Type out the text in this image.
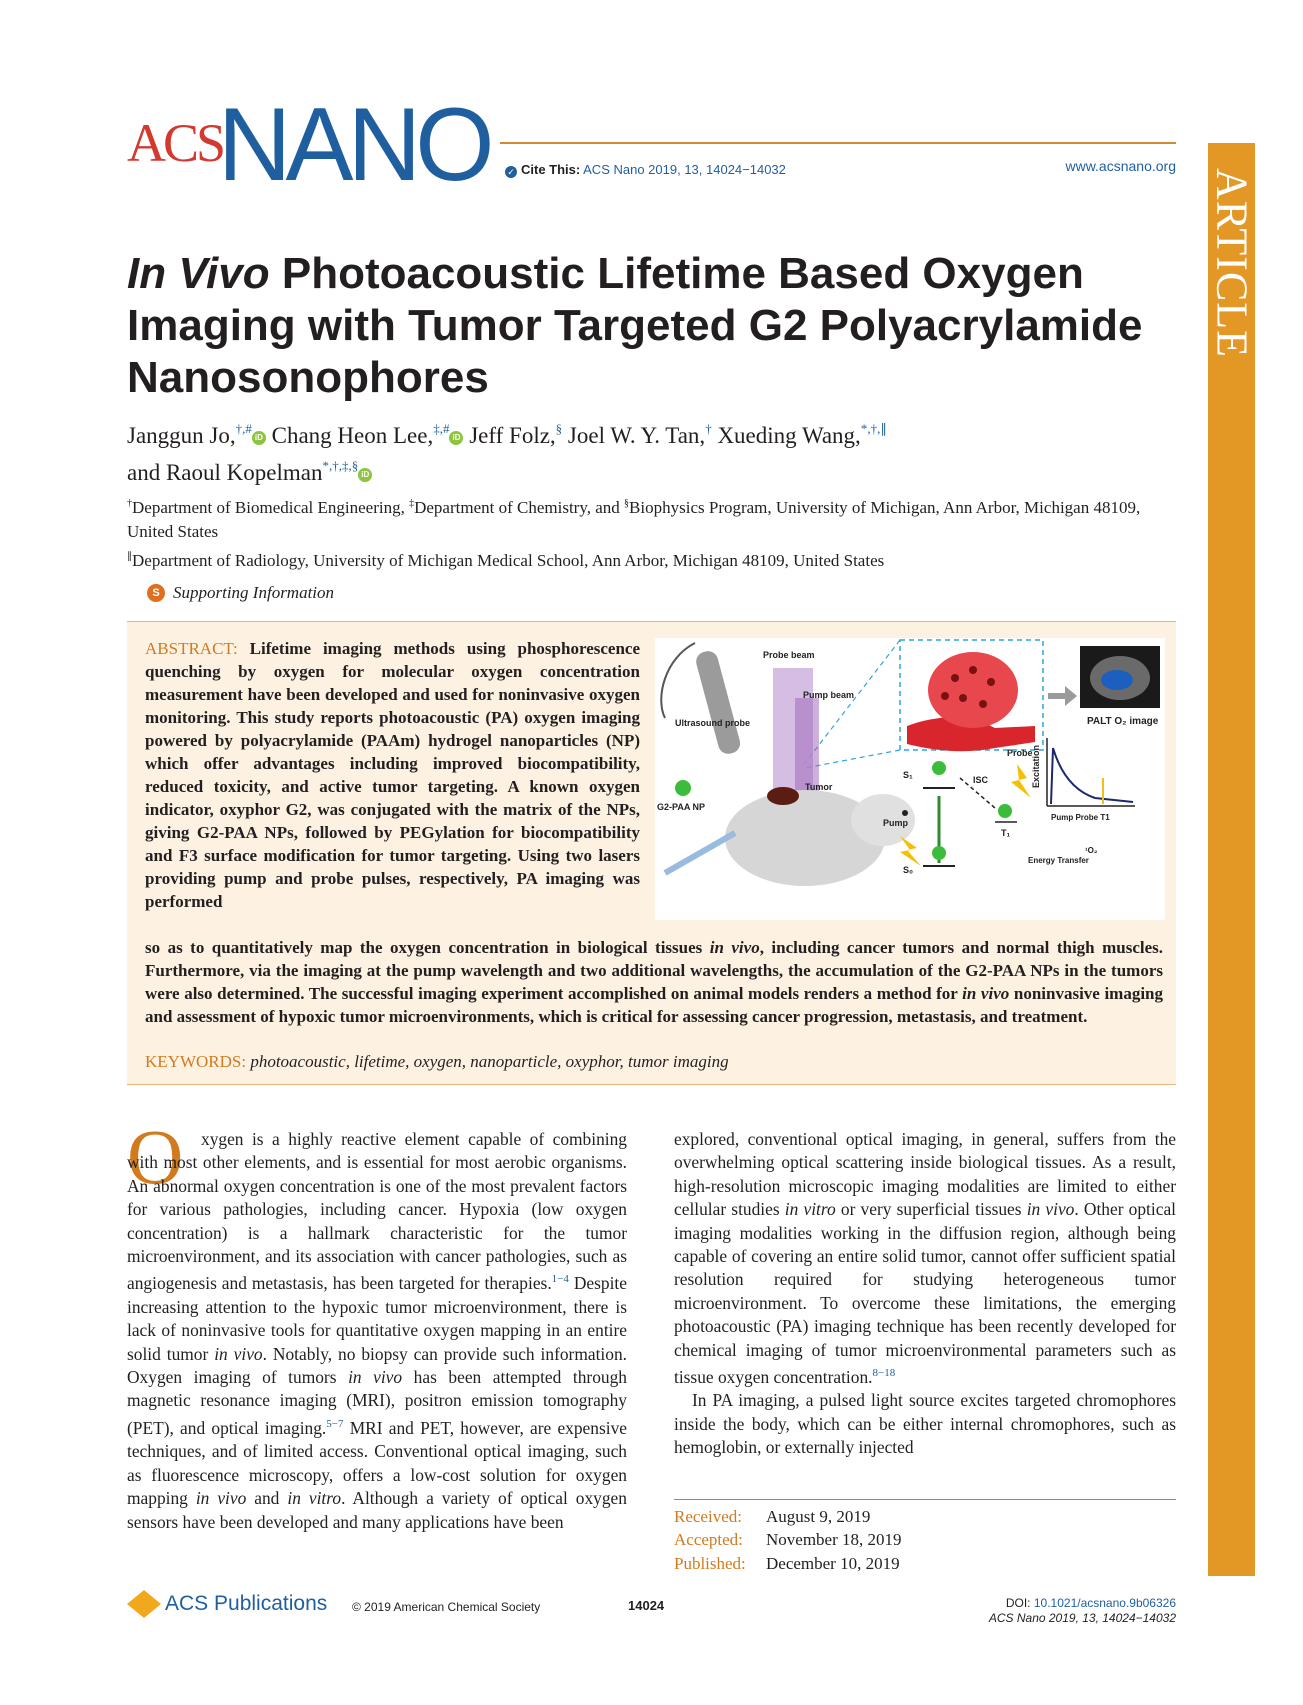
ACS
NANO ✓ Cite This: ACS Nano 2019, 13, 14024−14032	www.acsnano.org
ARTICLE
In Vivo Photoacoustic Lifetime Based Oxygen Imaging with Tumor Targeted G2 Polyacrylamide Nanosonophores
Janggun Jo,†,#iD Chang Heon Lee,‡,#iD Jeff Folz,§ Joel W. Y. Tan,† Xueding Wang,*,†,∥
and Raoul Kopelman*,†,‡,§iD
†Department of Biomedical Engineering, ‡Department of Chemistry, and §Biophysics Program, University of Michigan, Ann Arbor, Michigan 48109, United States
∥Department of Radiology, University of Michigan Medical School, Ann Arbor, Michigan 48109, United States
S Supporting Information
ABSTRACT: Lifetime imaging methods using phosphorescence quenching by oxygen for molecular oxygen concentration measurement have been developed and used for noninvasive oxygen monitoring. This study reports photoacoustic (PA) oxygen imaging powered by polyacrylamide (PAAm) hydrogel nanoparticles (NP) which offer advantages including improved biocompatibility, reduced toxicity, and active tumor targeting. A known oxygen indicator, oxyphor G2, was conjugated with the matrix of the NPs, giving G2-PAA NPs, followed by PEGylation for biocompatibility and F3 surface modification for tumor targeting. Using two lasers providing pump and probe pulses, respectively, PA imaging was performed
so as to quantitatively map the oxygen concentration in biological tissues in vivo, including cancer tumors and normal thigh muscles. Furthermore, via the imaging at the pump wavelength and two additional wavelengths, the accumulation of the G2-PAA NPs in the tumors were also determined. The successful imaging experiment accomplished on animal models renders a method for in vivo noninvasive imaging and assessment of hypoxic tumor microenvironments, which is critical for assessing cancer progression, metastasis, and treatment.
KEYWORDS: photoacoustic, lifetime, oxygen, nanoparticle, oxyphor, tumor imaging
PALT O₂ image
Ultrasound probe
Probe beam
Pump beam
Tumor
G2-PAA NP
S₁
S₀
Pump
ISC
T₁
Probe
Energy Transfer
¹O₂
Excitation
Pump Probe T1
O	xygen is a highly reactive element capable of combining with most other elements, and is essential for most aerobic organisms. An abnormal oxygen concentration is one of the most prevalent factors for various pathologies, including cancer. Hypoxia (low oxygen concentration) is a hallmark characteristic for the tumor microenvironment, and its association with cancer pathologies, such as angiogenesis and metastasis, has been targeted for therapies.$^{1-4}$ Despite increasing attention to the hypoxic tumor microenvironment, there is lack of noninvasive tools for quantitative oxygen mapping in an entire solid tumor in vivo. Notably, no biopsy can provide such information. Oxygen imaging of tumors in vivo has been attempted through magnetic resonance imaging (MRI), positron emission tomography (PET), and optical imaging.$^{5-7}$ MRI and PET, however, are expensive techniques, and of limited access. Conventional optical imaging, such as fluorescence microscopy, offers a low-cost solution for oxygen mapping in vivo and in vitro. Although a variety of optical oxygen sensors have been developed and many applications have been
explored, conventional optical imaging, in general, suffers from the overwhelming optical scattering inside biological tissues. As a result, high-resolution microscopic imaging modalities are limited to either cellular studies in vitro or very superficial tissues in vivo. Other optical imaging modalities working in the diffusion region, although being capable of covering an entire solid tumor, cannot offer sufficient spatial resolution required for studying heterogeneous tumor microenvironment. To overcome these limitations, the emerging photoacoustic (PA) imaging technique has been recently developed for chemical imaging of tumor microenvironmental parameters such as tissue oxygen concentration.$^{8-18}$
In PA imaging, a pulsed light source excites targeted chromophores inside the body, which can be either internal chromophores, such as hemoglobin, or externally injected
Received: August 9, 2019
Accepted: November 18, 2019
Published: December 10, 2019
ACS Publications © 2019 American Chemical Society	14024	DOI: 10.1021/acsnano.9b06326
ACS Nano 2019, 13, 14024−14032
